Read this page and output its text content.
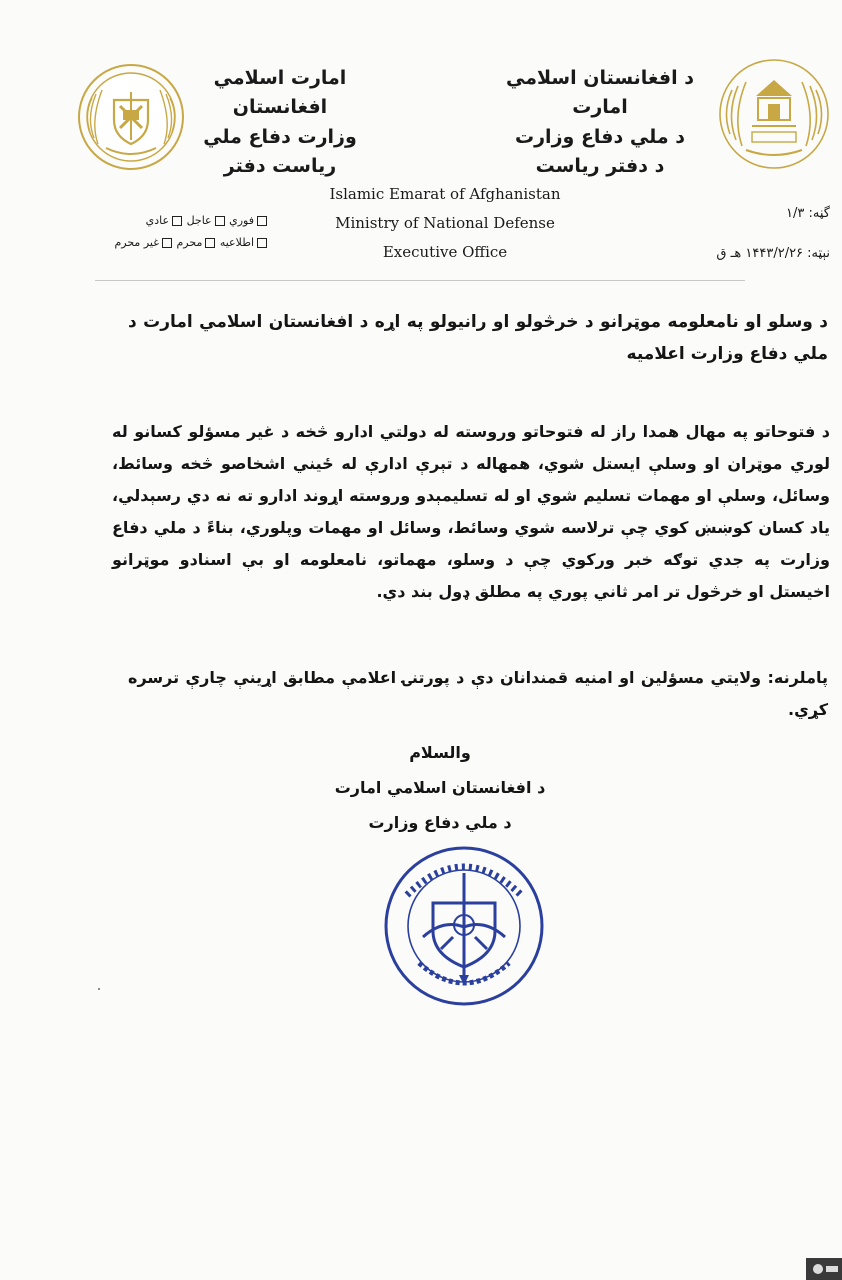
امارت اسلامي افغانستان
وزارت دفاع ملي
رياست دفتر
د افغانستان اسلامي امارت
د ملي دفاع وزارت
د دفتر رياست
Islamic Emarat of Afghanistan
Ministry of National Defense
Executive Office
فوري عاجل عادي
اطلاعيه محرم غير محرم
گڼه: ۱/۳
نېټه: ۱۴۴۳/۲/۲۶ هـ ق
د وسلو او نامعلومه موټرانو د خرڅولو او رانيولو په اړه د افغانستان اسلامي امارت د ملي دفاع وزارت اعلاميه
د فتوحاتو په مهال همدا راز له فتوحاتو وروسته له دولتي ادارو څخه د غير مسؤلو کسانو له لوري موټران او وسلې ايستل شوي، همهاله د تېرې ادارې له ځيني اشخاصو څخه وسائط، وسائل، وسلې او مهمات تسليم شوي او له تسليمېدو وروسته اړوند ادارو ته نه دي رسېدلي، ياد کسان کوښښ کوي چې ترلاسه شوي وسائط، وسائل او مهمات وپلوري، بناءً د ملي دفاع وزارت په جدي توګه خبر ورکوي چې د وسلو، مهماتو، نامعلومه او بې اسنادو موټرانو اخيستل او خرڅول تر امر ثاني پوري په مطلق ډول بند دي.
پاملرنه: ولايتي مسؤلين او امنيه قمندانان دې د پورتنۍ اعلامې مطابق اړينې چارې ترسره کړي.
والسلام
د افغانستان اسلامي امارت
د ملي دفاع وزارت
